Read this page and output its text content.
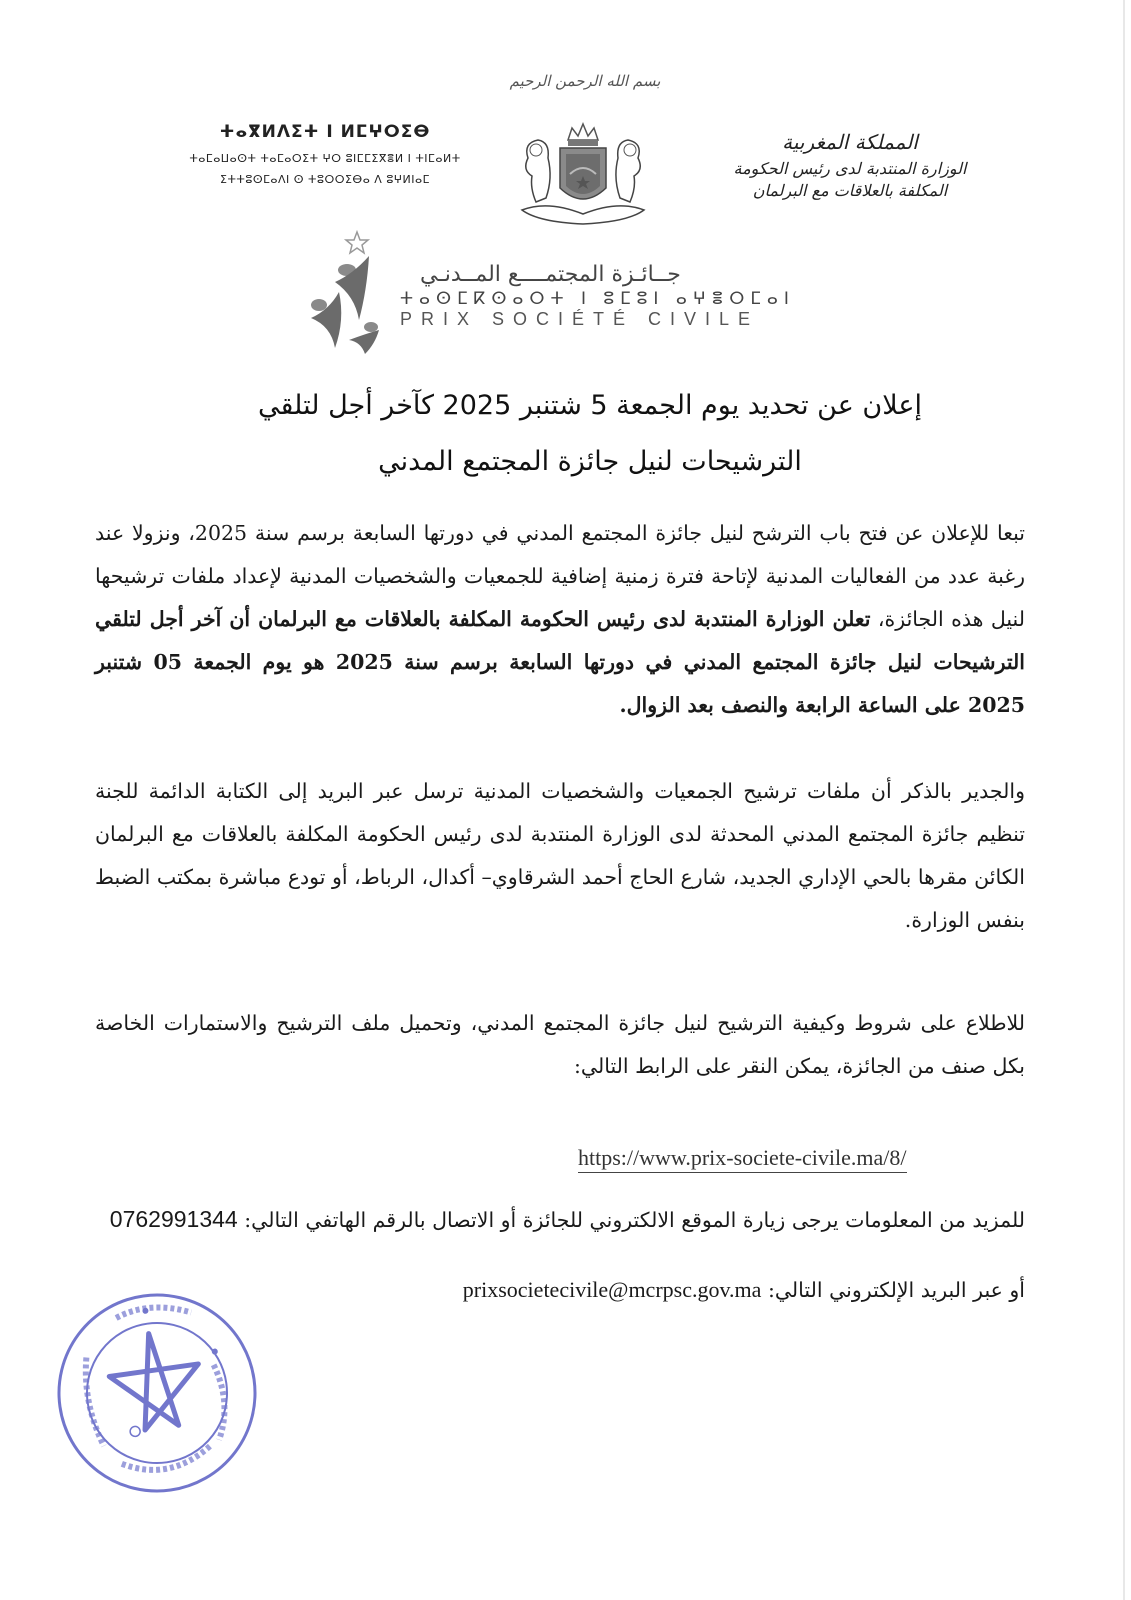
بسم الله الرحمن الرحيم
ⵜⴰⴳⵍⴷⵉⵜ ⵏ ⵍⵎⵖⵔⵉⴱ
ⵜⴰⵎⴰⵡⴰⵙⵜ ⵜⴰⵎⴰⵔⵉⵜ ⵖⵔ ⵓⵏⵎⵎⵉⴳⴻⵍ ⵏ ⵜⵏⵎⴰⵍⵜ
ⵉⵜⵜⵓⵙⵎⴰⴷⵏ ⵙ ⵜⵓⵔⵔⵉⴱⴰ ⴷ ⵓⵖⵍⵏⴰⵎ
المملكة المغربية
الوزارة المنتدبة لدى رئيس الحكومة
المكلفة بالعلاقات مع البرلمان
جــائـزة المجتمــــع المــدنـي
ⵜⴰⵙⵎⴽⵙⴰⵔⵜ ⵏ ⵓⵎⵓⵏ ⴰⵖⴻⵔⵎⴰⵏ
PRIX SOCIÉTÉ CIVILE
إعلان عن تحديد يوم الجمعة 5 شتنبر 2025 كآخر أجل لتلقي
الترشيحات لنيل جائزة المجتمع المدني
تبعا للإعلان عن فتح باب الترشح لنيل جائزة المجتمع المدني في دورتها السابعة برسم سنة 2025، ونزولا عند رغبة عدد من الفعاليات المدنية لإتاحة فترة زمنية إضافية للجمعيات والشخصيات المدنية لإعداد ملفات ترشيحها لنيل هذه الجائزة، تعلن الوزارة المنتدبة لدى رئيس الحكومة المكلفة بالعلاقات مع البرلمان أن آخر أجل لتلقي الترشيحات لنيل جائزة المجتمع المدني في دورتها السابعة برسم سنة 2025 هو يوم الجمعة 05 شتنبر 2025 على الساعة الرابعة والنصف بعد الزوال.
والجدير بالذكر أن ملفات ترشيح الجمعيات والشخصيات المدنية ترسل عبر البريد إلى الكتابة الدائمة للجنة تنظيم جائزة المجتمع المدني المحدثة لدى الوزارة المنتدبة لدى رئيس الحكومة المكلفة بالعلاقات مع البرلمان الكائن مقرها بالحي الإداري الجديد، شارع الحاج أحمد الشرقاوي– أكدال، الرباط، أو تودع مباشرة بمكتب الضبط بنفس الوزارة.
للاطلاع على شروط وكيفية الترشيح لنيل جائزة المجتمع المدني، وتحميل ملف الترشيح والاستمارات الخاصة بكل صنف من الجائزة، يمكن النقر على الرابط التالي:
https://www.prix-societe-civile.ma/8/
للمزيد من المعلومات يرجى زيارة الموقع الالكتروني للجائزة أو الاتصال بالرقم الهاتفي التالي: 0762991344
أو عبر البريد الإلكتروني التالي: prixsocietecivile@mcrpsc.gov.ma
